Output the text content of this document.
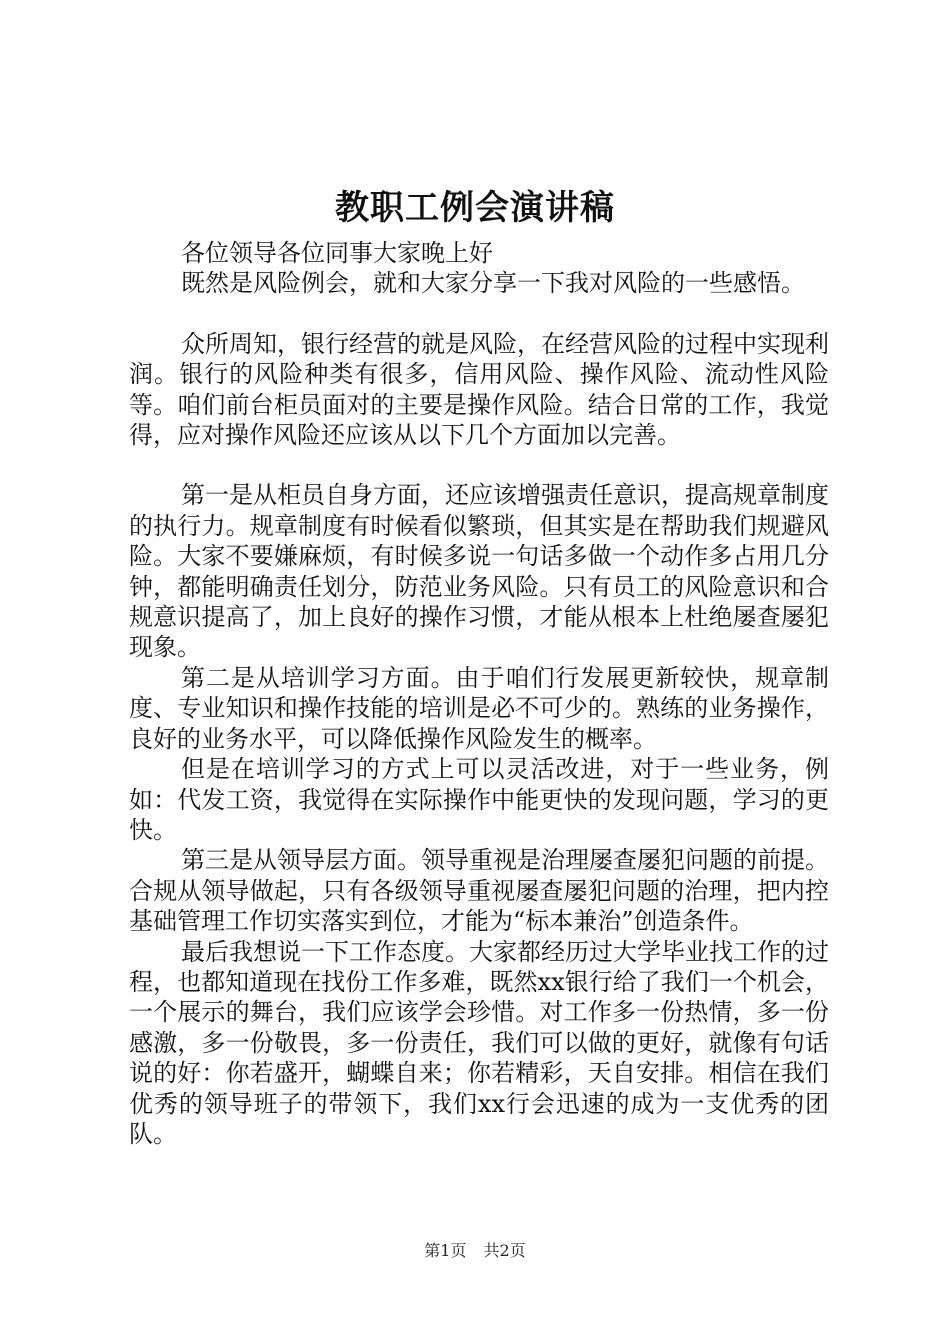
教职工例会演讲稿

各位领导各位同事大家晚上好

既然是风险例会，就和大家分享一下我对风险的一些感悟。

众所周知，银行经营的就是风险，在经营风险的过程中实现利润。银行的风险种类有很多，信用风险、操作风险、流动性风险等。咱们前台柜员面对的主要是操作风险。结合日常的工作，我觉得，应对操作风险还应该从以下几个方面加以完善。

第一是从柜员自身方面，还应该增强责任意识，提高规章制度的执行力。规章制度有时候看似繁琐，但其实是在帮助我们规避风险。大家不要嫌麻烦，有时候多说一句话多做一个动作多占用几分钟，都能明确责任划分，防范业务风险。只有员工的风险意识和合规意识提高了，加上良好的操作习惯，才能从根本上杜绝屡查屡犯现象。

第二是从培训学习方面。由于咱们行发展更新较快，规章制度、专业知识和操作技能的培训是必不可少的。熟练的业务操作，良好的业务水平，可以降低操作风险发生的概率。

但是在培训学习的方式上可以灵活改进，对于一些业务，例如：代发工资，我觉得在实际操作中能更快的发现问题，学习的更快。

第三是从领导层方面。领导重视是治理屡查屡犯问题的前提。合规从领导做起，只有各级领导重视屡查屡犯问题的治理，把内控基础管理工作切实落实到位，才能为“标本兼治”创造条件。

最后我想说一下工作态度。大家都经历过大学毕业找工作的过程，也都知道现在找份工作多难，既然xx银行给了我们一个机会，一个展示的舞台，我们应该学会珍惜。对工作多一份热情，多一份感激，多一份敬畏，多一份责任，我们可以做的更好，就像有句话说的好：你若盛开，蝴蝶自来；你若精彩，天自安排。相信在我们优秀的领导班子的带领下，我们xx行会迅速的成为一支优秀的团队。

第1页 共2页
